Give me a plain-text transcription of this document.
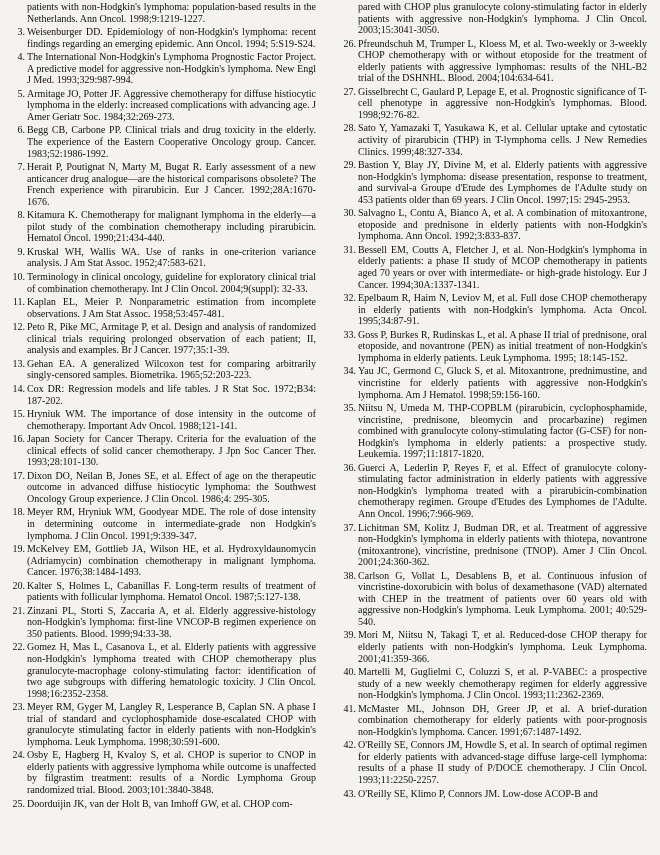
patients with non-Hodgkin's lymphoma: population-based results in the Netherlands. Ann Oncol. 1998;9:1219-1227.
3. Weisenburger DD. Epidemiology of non-Hodgkin's lymphoma: recent findings regarding an emerging epidemic. Ann Oncol. 1994; 5:S19-S24.
4. The International Non-Hodgkin's Lymphoma Prognostic Factor Project. A predictive model for aggressive non-Hodgkin's lymphoma. New Engl J Med. 1993;329:987-994.
5. Armitage JO, Potter JF. Aggressive chemotherapy for diffuse histiocytic lymphoma in the elderly: increased complications with advancing age. J Amer Geriatr Soc. 1984;32:269-273.
6. Begg CB, Carbone PP. Clinical trials and drug toxicity in the elderly. The experience of the Eastern Cooperative Oncology group. Cancer. 1983;52:1986-1992.
7. Herait P, Poutignat N, Marty M, Bugat R. Early assessment of a new anticancer drug analogue—are the historical comparisons obsolete? The French experience with pirarubicin. Eur J Cancer. 1992;28A:1670-1676.
8. Kitamura K. Chemotherapy for malignant lymphoma in the elderly—a pilot study of the combination chemotherapy including pirarubicin. Hematol Oncol. 1990;21:434-440.
9. Kruskal WH, Wallis WA. Use of ranks in one-criterion variance analysis. J Am Stat Assoc. 1952;47:583-621.
10. Terminology in clinical oncology, guideline for exploratory clinical trial of combination chemotherapy. Int J Clin Oncol. 2004;9(suppl): 32-33.
11. Kaplan EL, Meier P. Nonparametric estimation from incomplete observations. J Am Stat Assoc. 1958;53:457-481.
12. Peto R, Pike MC, Armitage P, et al. Design and analysis of randomized clinical trials requiring prolonged observation of each patient; II, analysis and examples. Br J Cancer. 1977;35:1-39.
13. Gehan EA. A generalized Wilcoxon test for comparing arbitrarily singly-censored samples. Biometrika. 1965;52:203-223.
14. Cox DR: Regression models and life tables. J R Stat Soc. 1972;B34: 187-202.
15. Hryniuk WM. The importance of dose intensity in the outcome of chemotherapy. Important Adv Oncol. 1988;121-141.
16. Japan Society for Cancer Therapy. Criteria for the evaluation of the clinical effects of solid cancer chemotherapy. J Jpn Soc Cancer Ther. 1993;28:101-130.
17. Dixon DO, Neilan B, Jones SE, et al. Effect of age on the therapeutic outcome in advanced diffuse histiocytic lymphoma: the Southwest Oncology Group experience. J Clin Oncol. 1986;4: 295-305.
18. Meyer RM, Hryniuk WM, Goodyear MDE. The role of dose intensity in determining outcome in intermediate-grade non Hodgkin's lymphoma. J Clin Oncol. 1991;9:339-347.
19. McKelvey EM, Gottlieb JA, Wilson HE, et al. Hydroxyldaunomycin (Adriamycin) combination chemotherapy in malignant lymphoma. Cancer. 1976;38:1484-1493.
20. Kalter S, Holmes L, Cabanillas F. Long-term results of treatment of patients with follicular lymphoma. Hematol Oncol. 1987;5:127-138.
21. Zinzani PL, Storti S, Zaccaria A, et al. Elderly aggressive-histology non-Hodgkin's lymphoma: first-line VNCOP-B regimen experience on 350 patients. Blood. 1999;94:33-38.
22. Gomez H, Mas L, Casanova L, et al. Elderly patients with aggressive non-Hodgkin's lymphoma treated with CHOP chemotherapy plus granulocyte-macrophage colony-stimulating factor: identification of two age subgroups with differing hematologic toxicity. J Clin Oncol. 1998;16:2352-2358.
23. Meyer RM, Gyger M, Langley R, Lesperance B, Caplan SN. A phase I trial of standard and cyclophosphamide dose-escalated CHOP with granulocyte stimulating factor in elderly patients with non-Hodgkin's lymphoma. Leuk Lymphoma. 1998;30:591-600.
24. Osby E, Hagberg H, Kvaloy S, et al. CHOP is superior to CNOP in elderly patients with aggressive lymphoma while outcome is unaffected by filgrastim treatment: results of a Nordic Lymphoma Group randomized trial. Blood. 2003;101:3840-3848.
25. Doorduijin JK, van der Holt B, van Imhoff GW, et al. CHOP com-
pared with CHOP plus granulocyte colony-stimulating factor in elderly patients with aggressive non-Hodgkin's lymphoma. J Clin Oncol. 2003;15:3041-3050.
26. Pfreundschuh M, Trumper L, Kloess M, et al. Two-weekly or 3-weekly CHOP chemotherapy with or without etoposide for the treatment of elderly patients with aggressive lymphomas: results of the NHL-B2 trial of the DSHNHL. Blood. 2004;104:634-641.
27. Gisselbrecht C, Gaulard P, Lepage E, et al. Prognostic significance of T-cell phenotype in aggressive non-Hodgkin's lymphomas. Blood. 1998;92:76-82.
28. Sato Y, Yamazaki T, Yasukawa K, et al. Cellular uptake and cytostatic activity of pirarubicin (THP) in T-lymphoma cells. J New Remedies Clinics. 1999;48:327-334.
29. Bastion Y, Blay JY, Divine M, et al. Elderly patients with aggressive non-Hodgkin's lymphoma: disease presentation, response to treatment, and survival-a Groupe d'Etude des Lymphomes de l'Adulte study on 453 patients older than 69 years. J Clin Oncol. 1997;15: 2945-2953.
30. Salvagno L, Contu A, Bianco A, et al. A combination of mitoxantrone, etoposide and prednisone in elderly patients with non-Hodgkin's lymphoma. Ann Oncol. 1992;3:833-837.
31. Bessell EM, Coutts A, Fletcher J, et al. Non-Hodgkin's lymphoma in elderly patients: a phase II study of MCOP chemotherapy in patients aged 70 years or over with intermediate- or high-grade histology. Eur J Cancer. 1994;30A:1337-1341.
32. Epelbaum R, Haim N, Leviov M, et al. Full dose CHOP chemotherapy in elderly patients with non-Hodgkin's lymphoma. Acta Oncol. 1995;34:87-91.
33. Goss P, Burkes R, Rudinskas L, et al. A phase II trial of prednisone, oral etoposide, and novantrone (PEN) as initial treatment of non-Hodgkin's lymphoma in elderly patients. Leuk Lymphoma. 1995; 18:145-152.
34. Yau JC, Germond C, Gluck S, et al. Mitoxantrone, prednimustine, and vincristine for elderly patients with aggressive non-Hodgkin's lymphoma. Am J Hematol. 1998;59:156-160.
35. Niitsu N, Umeda M. THP-COPBLM (pirarubicin, cyclophosphamide, vincristine, prednisone, bleomycin and procarbazine) regimen combined with granulocyte colony-stimulating factor (G-CSF) for non-Hodgkin's lymphoma in elderly patients: a prospective study. Leukemia. 1997;11:1817-1820.
36. Guerci A, Lederlin P, Reyes F, et al. Effect of granulocyte colony-stimulating factor administration in elderly patients with aggressive non-Hodgkin's lymphoma treated with a pirarubicin-combination chemotherapy regimen. Groupe d'Etudes des Lymphomes de l'Adulte. Ann Oncol. 1996;7:966-969.
37. Lichitman SM, Kolitz J, Budman DR, et al. Treatment of aggressive non-Hodgkin's lymphoma in elderly patients with thiotepa, novantrone (mitoxantrone), vincristine, prednisone (TNOP). Amer J Clin Oncol. 2001;24:360-362.
38. Carlson G, Vollat L, Desablens B, et al. Continuous infusion of vincristine-doxorubicin with bolus of dexamethasone (VAD) alternated with CHEP in the treatment of patients over 60 years old with aggressive non-Hodgkin's lymphoma. Leuk Lymphoma. 2001; 40:529-540.
39. Mori M, Niitsu N, Takagi T, et al. Reduced-dose CHOP therapy for elderly patients with non-Hodgkin's lymphoma. Leuk Lymphoma. 2001;41:359-366.
40. Martelli M, Guglielmi C, Coluzzi S, et al. P-VABEC: a prospective study of a new weekly chemotherapy regimen for elderly aggressive non-Hodgkin's lymphoma. J Clin Oncol. 1993;11:2362-2369.
41. McMaster ML, Johnson DH, Greer JP, et al. A brief-duration combination chemotherapy for elderly patients with poor-prognosis non-Hodgkin's lymphoma. Cancer. 1991;67:1487-1492.
42. O'Reilly SE, Connors JM, Howdle S, et al. In search of optimal regimen for elderly patients with advanced-stage diffuse large-cell lymphoma: results of a phase II study of P/DOCE chemotherapy. J Clin Oncol. 1993;11:2250-2257.
43. O'Reilly SE, Klimo P, Connors JM. Low-dose ACOP-B and
